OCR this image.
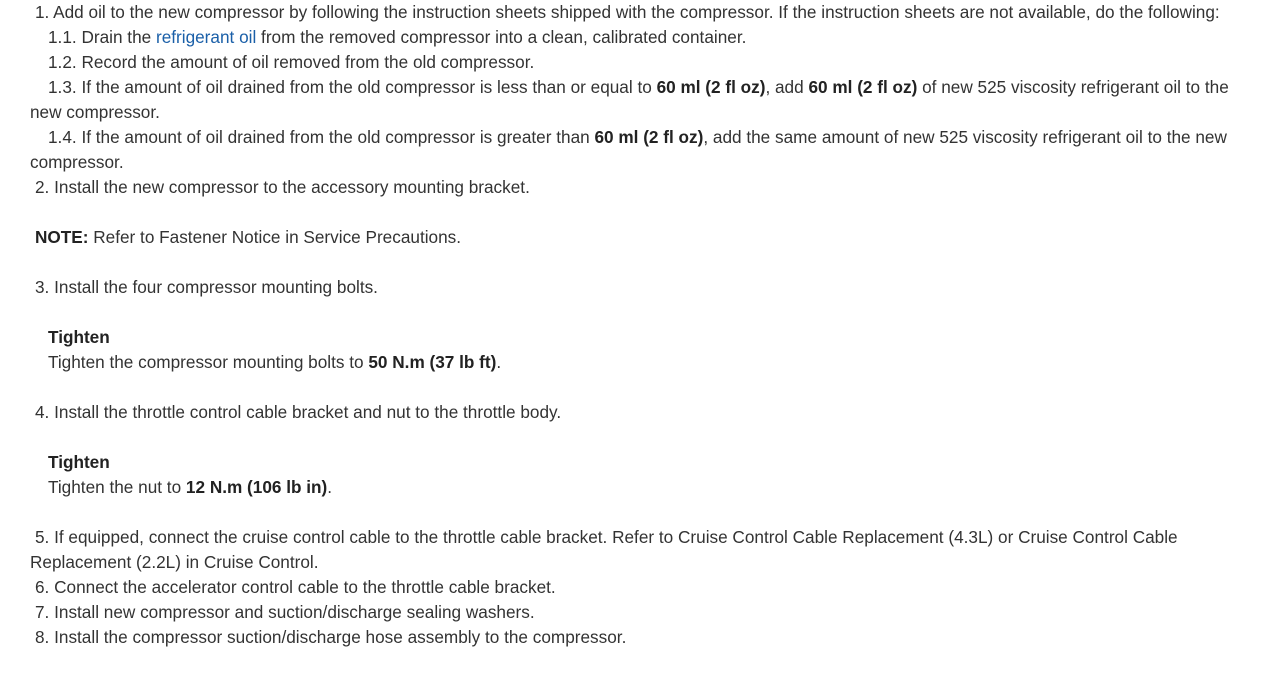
1. Add oil to the new compressor by following the instruction sheets shipped with the compressor. If the instruction sheets are not available, do the following:

1.1. Drain the refrigerant oil from the removed compressor into a clean, calibrated container.

1.2. Record the amount of oil removed from the old compressor.

1.3. If the amount of oil drained from the old compressor is less than or equal to 60 ml (2 fl oz), add 60 ml (2 fl oz) of new 525 viscosity refrigerant oil to the new compressor.

1.4. If the amount of oil drained from the old compressor is greater than 60 ml (2 fl oz), add the same amount of new 525 viscosity refrigerant oil to the new compressor.

2. Install the new compressor to the accessory mounting bracket.

NOTE: Refer to Fastener Notice in Service Precautions.

3. Install the four compressor mounting bolts.

Tighten

Tighten the compressor mounting bolts to 50 N.m (37 lb ft).

4. Install the throttle control cable bracket and nut to the throttle body.

Tighten

Tighten the nut to 12 N.m (106 lb in).

5. If equipped, connect the cruise control cable to the throttle cable bracket. Refer to Cruise Control Cable Replacement (4.3L) or Cruise Control Cable Replacement (2.2L) in Cruise Control.

6. Connect the accelerator control cable to the throttle cable bracket.

7. Install new compressor and suction/discharge sealing washers.

8. Install the compressor suction/discharge hose assembly to the compressor.
